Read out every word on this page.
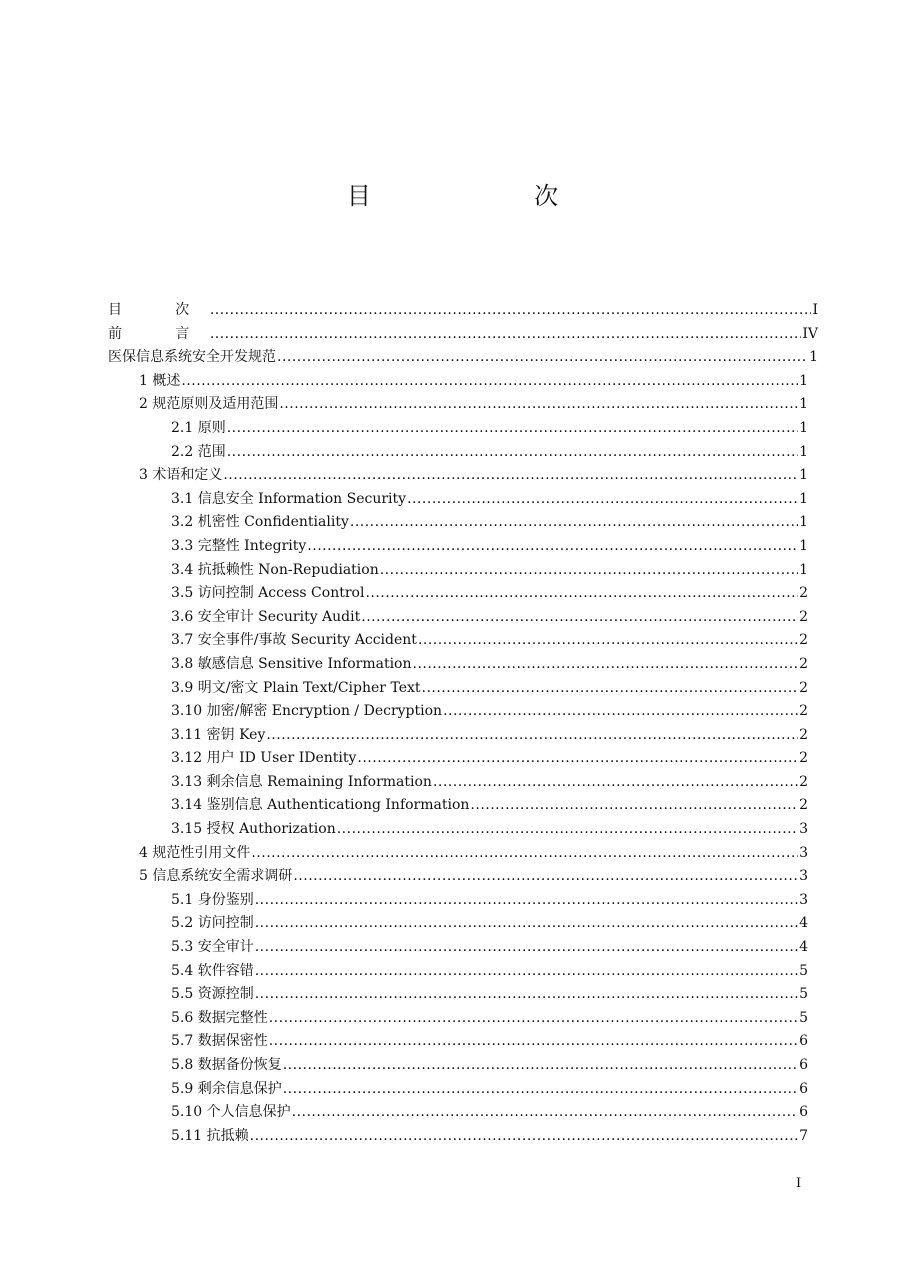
目　　次
目　次 .....	I
前　言 .....	IV
医保信息系统安全开发规范 .....	1
1 概述 .....	1
2 规范原则及适用范围 .....	1
2.1 原则 .....	1
2.2 范围 .....	1
3 术语和定义 .....	1
3.1 信息安全 Information Security .....	1
3.2 机密性 Confidentiality .....	1
3.3 完整性 Integrity .....	1
3.4 抗抵赖性 Non-Repudiation .....	1
3.5 访问控制 Access Control .....	2
3.6 安全审计 Security Audit .....	2
3.7 安全事件/事故 Security Accident .....	2
3.8 敏感信息 Sensitive Information .....	2
3.9 明文/密文 Plain Text/Cipher Text .....	2
3.10 加密/解密 Encryption / Decryption .....	2
3.11 密钥 Key .....	2
3.12 用户 ID User IDentity .....	2
3.13 剩余信息 Remaining Information .....	2
3.14 鉴别信息 Authenticationg Information .....	2
3.15 授权 Authorization .....	3
4 规范性引用文件 .....	3
5 信息系统安全需求调研 .....	3
5.1 身份鉴别 .....	3
5.2 访问控制 .....	4
5.3 安全审计 .....	4
5.4 软件容错 .....	5
5.5 资源控制 .....	5
5.6 数据完整性 .....	5
5.7 数据保密性 .....	6
5.8 数据备份恢复 .....	6
5.9 剩余信息保护 .....	6
5.10 个人信息保护 .....	6
5.11 抗抵赖 .....	7
I
